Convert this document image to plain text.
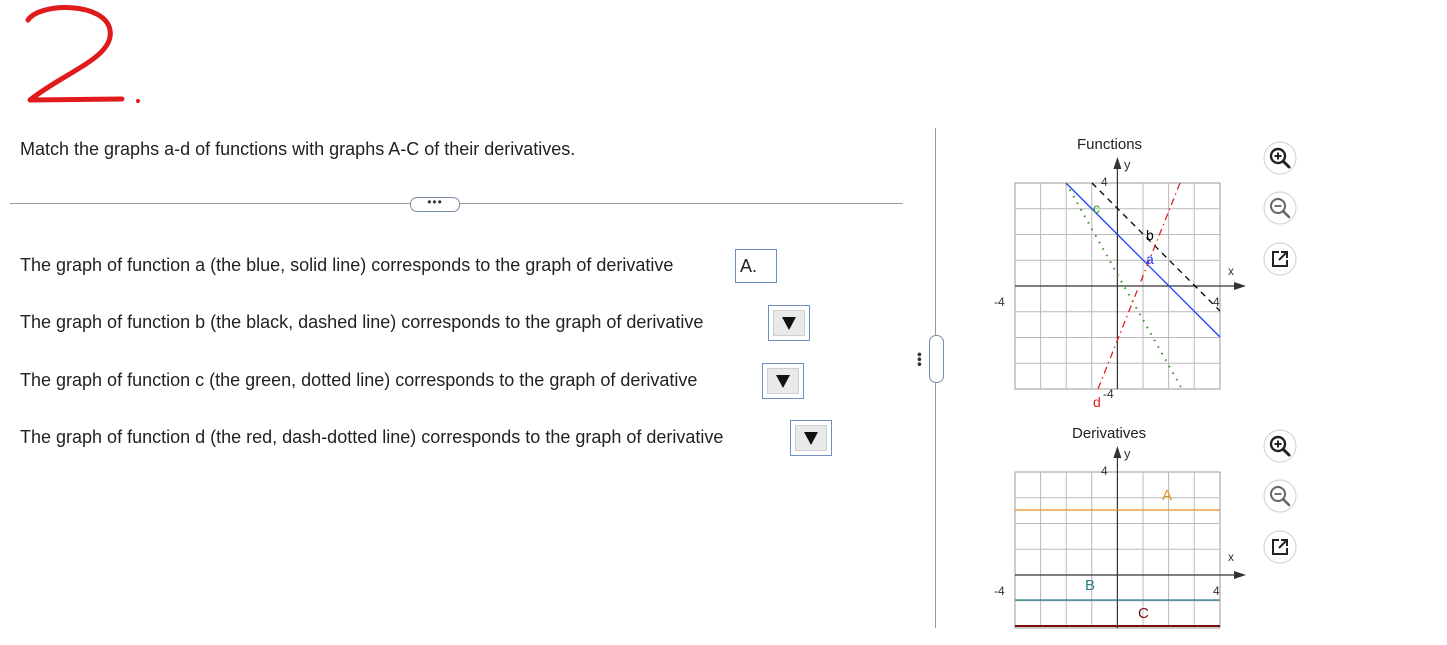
Match the graphs a-d of functions with graphs A-C of their derivatives.
•••
The graph of function a (the blue, solid line) corresponds to the graph of derivative	A.
The graph of function b (the black, dashed line) corresponds to the graph of derivative
The graph of function c (the green, dotted line) corresponds to the graph of derivative
The graph of function d (the red, dash-dotted line) corresponds to the graph of derivative
•••
Functions
-4	4
4
-4
x
y
a
b
c
d
Derivatives
-4	4
4
x
y
A
B
C
